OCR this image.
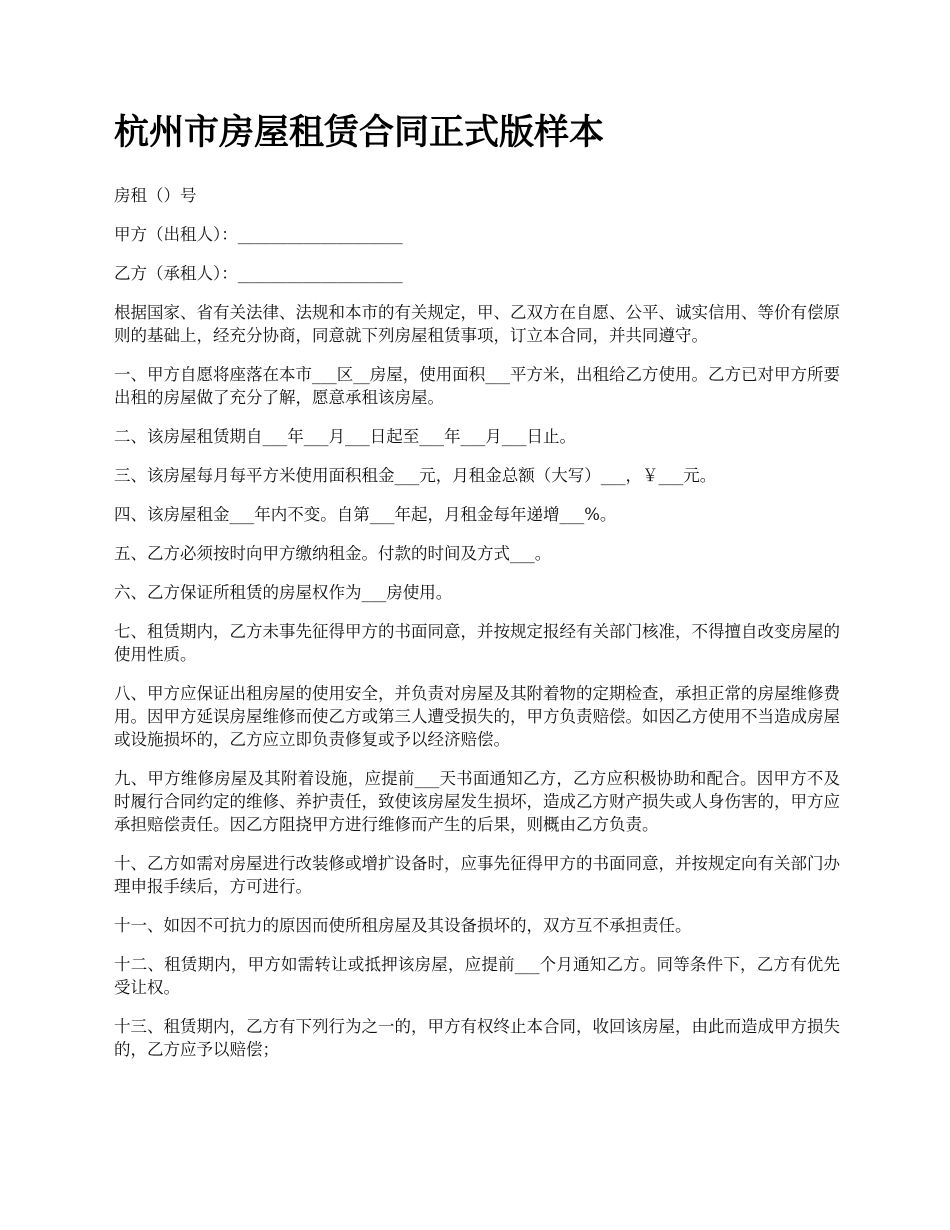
杭州市房屋租赁合同正式版样本

房租（）号

甲方（出租人）：____________________

乙方（承租人）：____________________

根据国家、省有关法律、法规和本市的有关规定，甲、乙双方在自愿、公平、诚实信用、等价有偿原则的基础上，经充分协商，同意就下列房屋租赁事项，订立本合同，并共同遵守。

一、甲方自愿将座落在本市___区__房屋，使用面积___平方米，出租给乙方使用。乙方已对甲方所要出租的房屋做了充分了解，愿意承租该房屋。

二、该房屋租赁期自___年___月___日起至___年___月___日止。

三、该房屋每月每平方米使用面积租金___元，月租金总额（大写）___，￥___元。

四、该房屋租金___年内不变。自第___年起，月租金每年递增___%。

五、乙方必须按时向甲方缴纳租金。付款的时间及方式___。

六、乙方保证所租赁的房屋权作为___房使用。

七、租赁期内，乙方未事先征得甲方的书面同意，并按规定报经有关部门核准，不得擅自改变房屋的使用性质。

八、甲方应保证出租房屋的使用安全，并负责对房屋及其附着物的定期检查，承担正常的房屋维修费用。因甲方延误房屋维修而使乙方或第三人遭受损失的，甲方负责赔偿。如因乙方使用不当造成房屋或设施损坏的，乙方应立即负责修复或予以经济赔偿。

九、甲方维修房屋及其附着设施，应提前___天书面通知乙方，乙方应积极协助和配合。因甲方不及时履行合同约定的维修、养护责任，致使该房屋发生损坏，造成乙方财产损失或人身伤害的，甲方应承担赔偿责任。因乙方阻挠甲方进行维修而产生的后果，则概由乙方负责。

十、乙方如需对房屋进行改装修或增扩设备时，应事先征得甲方的书面同意，并按规定向有关部门办理申报手续后，方可进行。

十一、如因不可抗力的原因而使所租房屋及其设备损坏的，双方互不承担责任。

十二、租赁期内，甲方如需转让或抵押该房屋，应提前___个月通知乙方。同等条件下，乙方有优先受让权。

十三、租赁期内，乙方有下列行为之一的，甲方有权终止本合同，收回该房屋，由此而造成甲方损失的，乙方应予以赔偿；
